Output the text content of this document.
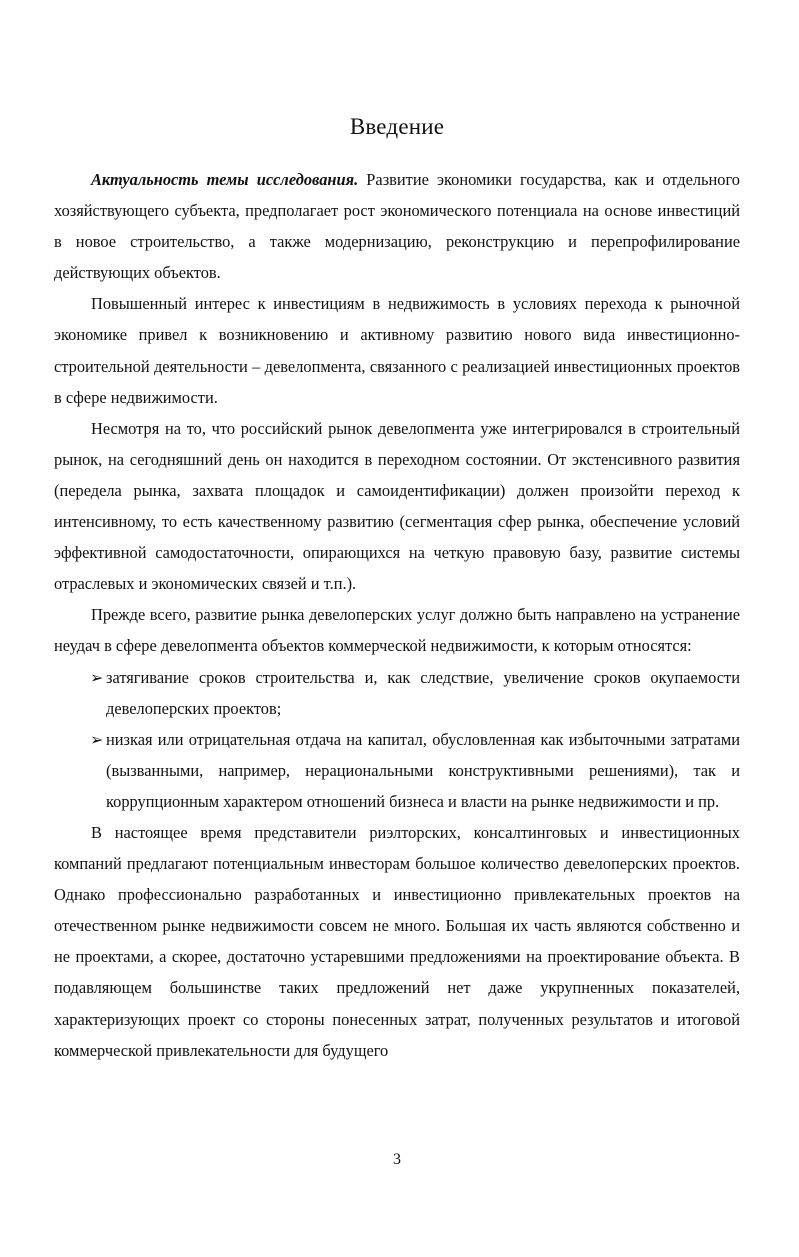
Введение

Актуальность темы исследования. Развитие экономики государства, как и отдельного хозяйствующего субъекта, предполагает рост экономического потенциала на основе инвестиций в новое строительство, а также модернизацию, реконструкцию и перепрофилирование действующих объектов.

Повышенный интерес к инвестициям в недвижимость в условиях перехода к рыночной экономике привел к возникновению и активному развитию нового вида инвестиционно-строительной деятельности – девелопмента, связанного с реализацией инвестиционных проектов в сфере недвижимости.

Несмотря на то, что российский рынок девелопмента уже интегрировался в строительный рынок, на сегодняшний день он находится в переходном состоянии. От экстенсивного развития (передела рынка, захвата площадок и самоидентификации) должен произойти переход к интенсивному, то есть качественному развитию (сегментация сфер рынка, обеспечение условий эффективной самодостаточности, опирающихся на четкую правовую базу, развитие системы отраслевых и экономических связей и т.п.).

Прежде всего, развитие рынка девелоперских услуг должно быть направлено на устранение неудач в сфере девелопмента объектов коммерческой недвижимости, к которым относятся:

➢ затягивание сроков строительства и, как следствие, увеличение сроков окупаемости девелоперских проектов;
➢ низкая или отрицательная отдача на капитал, обусловленная как избыточными затратами (вызванными, например, нерациональными конструктивными решениями), так и коррупционным характером отношений бизнеса и власти на рынке недвижимости и пр.

В настоящее время представители риэлторских, консалтинговых и инвестиционных компаний предлагают потенциальным инвесторам большое количество девелоперских проектов. Однако профессионально разработанных и инвестиционно привлекательных проектов на отечественном рынке недвижимости совсем не много. Большая их часть являются собственно и не проектами, а скорее, достаточно устаревшими предложениями на проектирование объекта. В подавляющем большинстве таких предложений нет даже укрупненных показателей, характеризующих проект со стороны понесенных затрат, полученных результатов и итоговой коммерческой привлекательности для будущего

3
